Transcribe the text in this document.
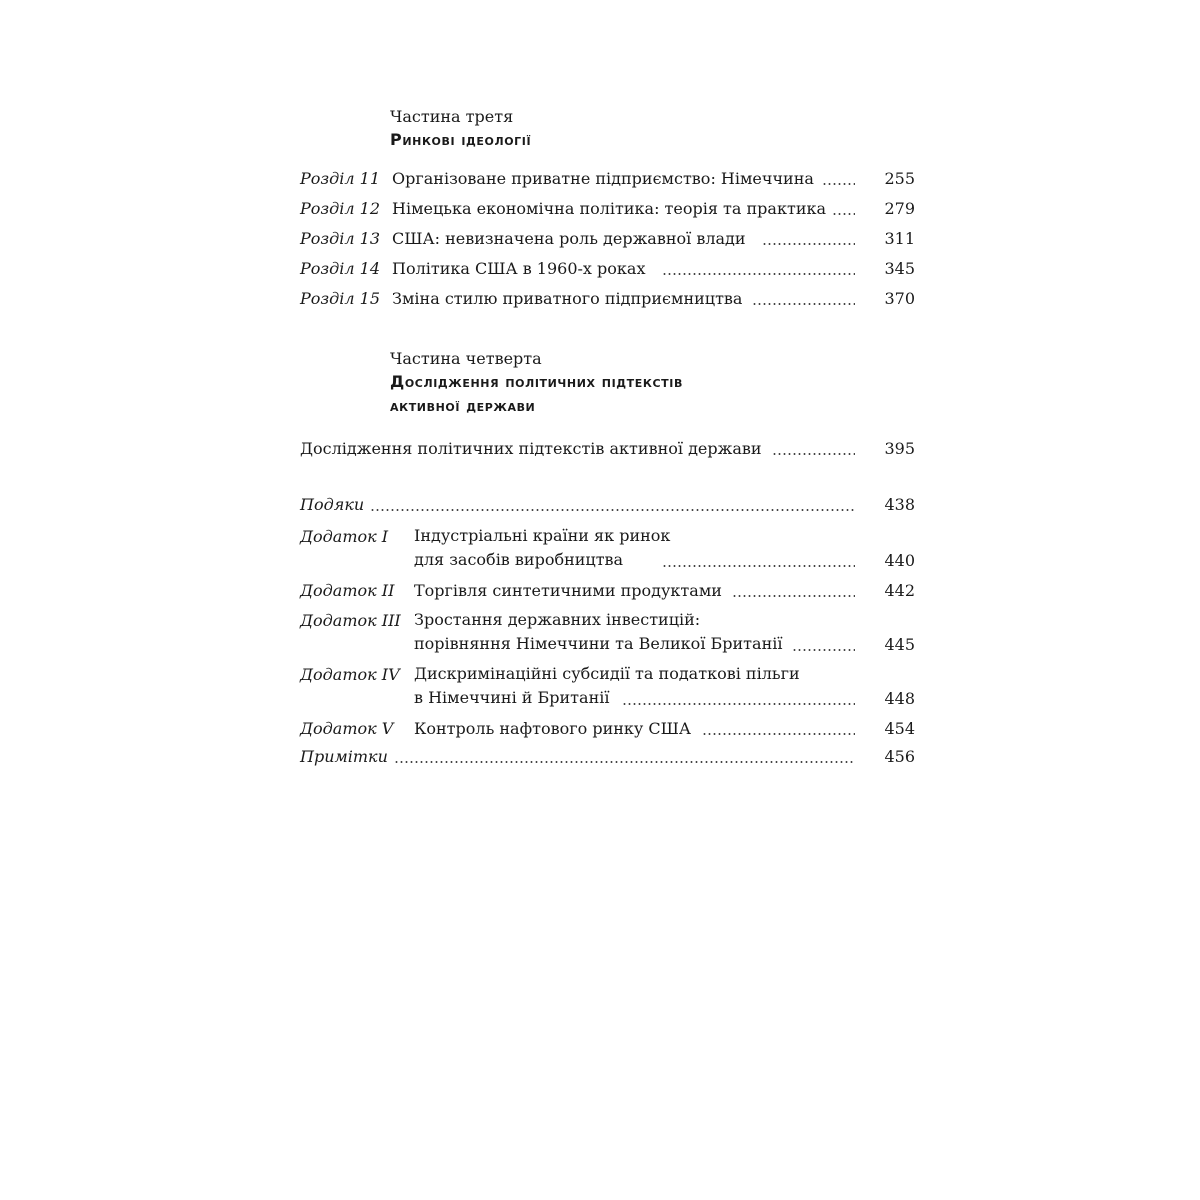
Частина третя
Ринкові ідеології
Розділ 11 Організоване приватне підприємство: Німеччина	255
Розділ 12 Німецька економічна політика: теорія та практика	279
Розділ 13 США: невизначена роль державної влади	311
Розділ 14 Політика США в 1960-х роках	345
Розділ 15 Зміна стилю приватного підприємництва	370
Частина четверта
Дослідження політичних підтекстів
активної держави
Дослідження політичних підтекстів активної держави	395
Подяки	438
Додаток I Індустріальні країни як ринок
для засобів виробництва	440
Додаток II Торгівля синтетичними продуктами	442
Додаток III Зростання державних інвестицій:
порівняння Німеччини та Великої Британії	445
Додаток IV Дискримінаційні субсидії та податкові пільги
в Німеччині й Британії	448
Додаток V Контроль нафтового ринку США	454
Примітки	456
